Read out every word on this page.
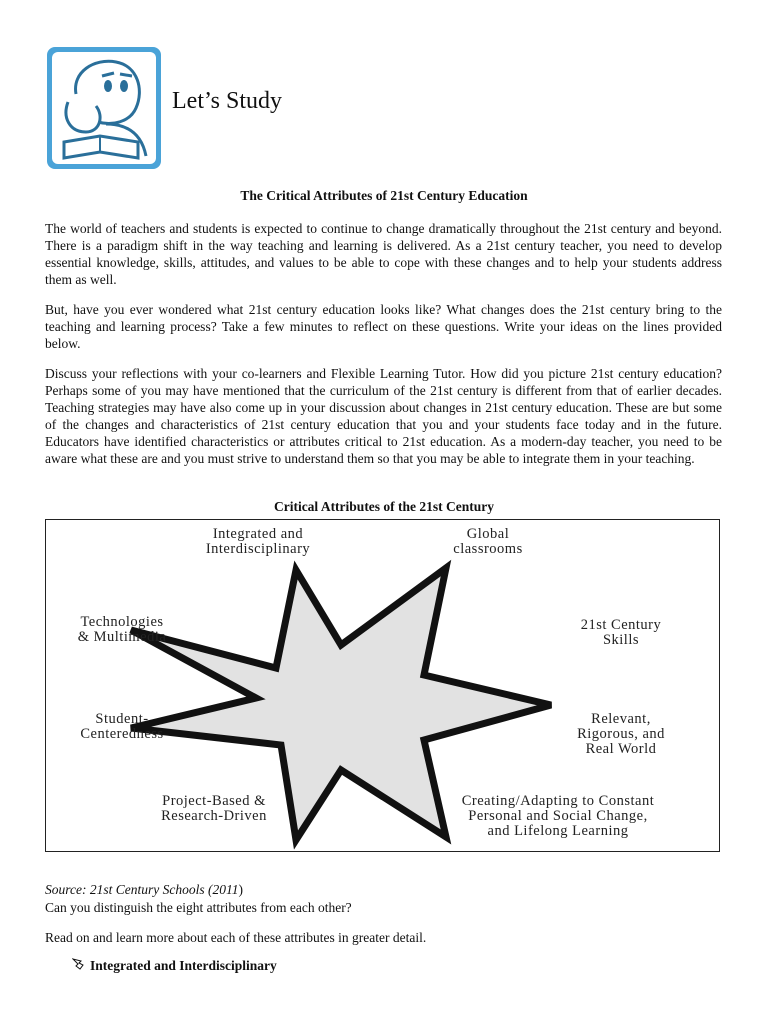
Let’s Study
The Critical Attributes of 21st Century Education

The world of teachers and students is expected to continue to change dramatically throughout the 21st century and beyond. There is a paradigm shift in the way teaching and learning is delivered. As a 21st century teacher, you need to develop essential knowledge, skills, attitudes, and values to be able to cope with these changes and to help your students address them as well.

But, have you ever wondered what 21st century education looks like? What changes does the 21st century bring to the teaching and learning process? Take a few minutes to reflect on these questions. Write your ideas on the lines provided below.

Discuss your reflections with your co-learners and Flexible Learning Tutor. How did you picture 21st century education? Perhaps some of you may have mentioned that the curriculum of the 21st century is different from that of earlier decades. Teaching strategies may have also come up in your discussion about changes in 21st century education. These are but some of the changes and characteristics of 21st century education that you and your students face today and in the future. Educators have identified characteristics or attributes critical to 21st education. As a modern-day teacher, you need to be aware what these are and you must strive to understand them so that you may be able to integrate them in your teaching.

Critical Attributes of the 21st Century
Integrated and
Interdisciplinary
Global
classrooms
Technologies
& Multimedia
21st Century
Skills
Student-
Centeredness
Relevant,
Rigorous, and
Real World
Project-Based &
Research-Driven
Creating/Adapting to Constant
Personal and Social Change,
and Lifelong Learning
Source: 21st Century Schools (2011)
Can you distinguish the eight attributes from each other?
Read on and learn more about each of these attributes in greater detail.
Integrated and Interdisciplinary
